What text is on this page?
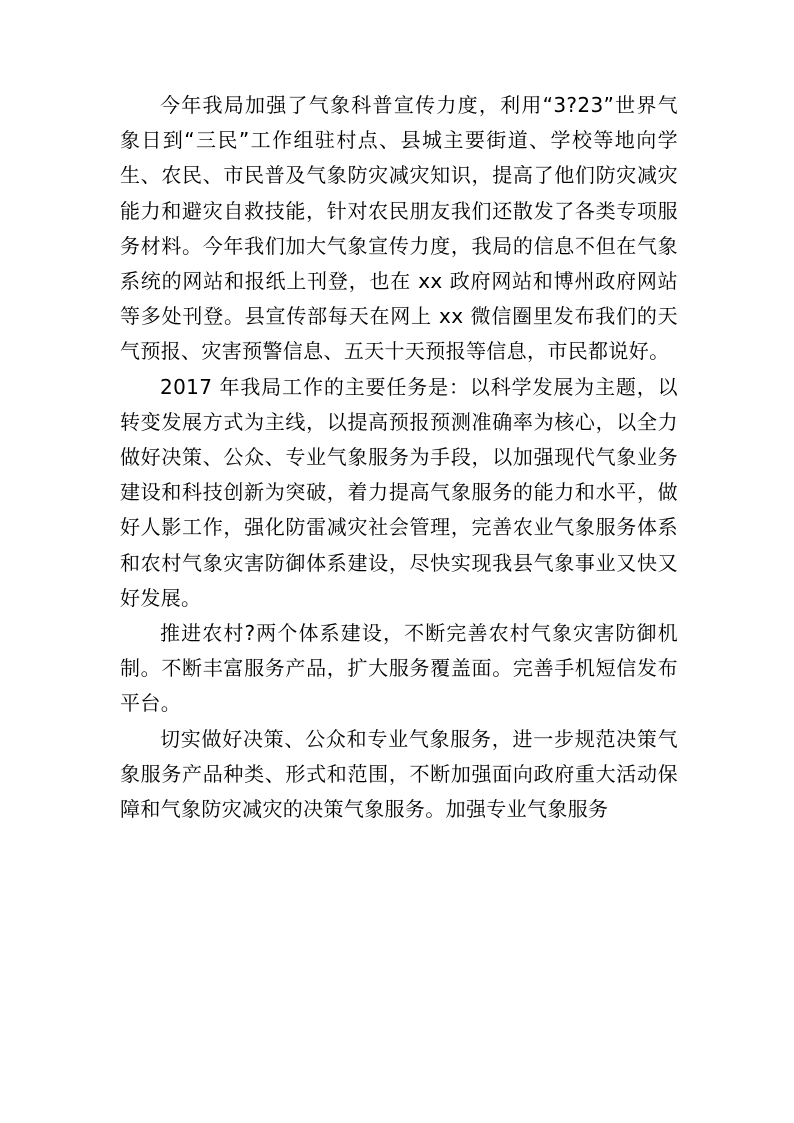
今年我局加强了气象科普宣传力度，利用“3?23”世界气象日到“三民”工作组驻村点、县城主要街道、学校等地向学生、农民、市民普及气象防灾减灾知识，提高了他们防灾减灾能力和避灾自救技能，针对农民朋友我们还散发了各类专项服务材料。今年我们加大气象宣传力度，我局的信息不但在气象系统的网站和报纸上刊登，也在 xx 政府网站和博州政府网站等多处刊登。县宣传部每天在网上 xx 微信圈里发布我们的天气预报、灾害预警信息、五天十天预报等信息，市民都说好。

2017 年我局工作的主要任务是：以科学发展为主题，以转变发展方式为主线，以提高预报预测准确率为核心，以全力做好决策、公众、专业气象服务为手段，以加强现代气象业务建设和科技创新为突破，着力提高气象服务的能力和水平，做好人影工作，强化防雷减灾社会管理，完善农业气象服务体系和农村气象灾害防御体系建设，尽快实现我县气象事业又快又好发展。

推进农村?两个体系建设，不断完善农村气象灾害防御机制。不断丰富服务产品，扩大服务覆盖面。完善手机短信发布平台。

切实做好决策、公众和专业气象服务，进一步规范决策气象服务产品种类、形式和范围，不断加强面向政府重大活动保障和气象防灾减灾的决策气象服务。加强专业气象服务
